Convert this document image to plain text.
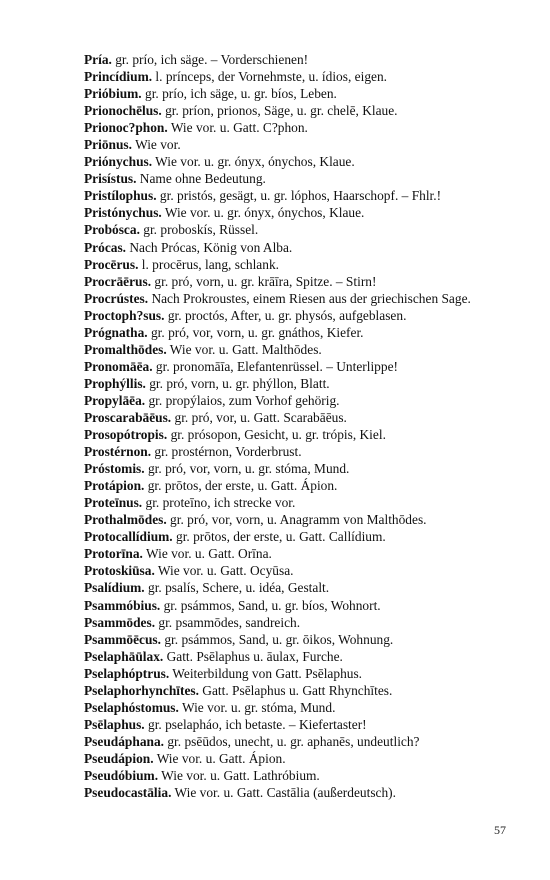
Pría. gr. prío, ich säge. – Vorderschienen!
Princídium. l. prínceps, der Vornehmste, u. ídios, eigen.
Prióbium. gr. prío, ich säge, u. gr. bíos, Leben.
Prionochēlus. gr. príon, prionos, Säge, u. gr. chelē, Klaue.
Prionoc?phon. Wie vor. u. Gatt. C?phon.
Priōnus. Wie vor.
Priónychus. Wie vor. u. gr. ónyx, ónychos, Klaue.
Prisístus. Name ohne Bedeutung.
Pristílophus. gr. pristós, gesägt, u. gr. lóphos, Haarschopf. – Fhlr.!
Pristónychus. Wie vor. u. gr. ónyx, ónychos, Klaue.
Probósca. gr. proboskís, Rüssel.
Prócas. Nach Prócas, König von Alba.
Procērus. l. procērus, lang, schlank.
Procrāērus. gr. pró, vorn, u. gr. krāīra, Spitze. – Stirn!
Procrústes. Nach Prokroustes, einem Riesen aus der griechischen Sage.
Proctoph?sus. gr. proctós, After, u. gr. physós, aufgeblasen.
Prógnatha. gr. pró, vor, vorn, u. gr. gnáthos, Kiefer.
Promalthōdes. Wie vor. u. Gatt. Malthōdes.
Pronomāēa. gr. pronomāīa, Elefantenrüssel. – Unterlippe!
Prophýllis. gr. pró, vorn, u. gr. phýllon, Blatt.
Propylāēa. gr. propýlaios, zum Vorhof gehörig.
Proscarabāēus. gr. pró, vor, u. Gatt. Scarabāēus.
Prosopótropis. gr. prósopon, Gesicht, u. gr. trópis, Kiel.
Prostérnon. gr. prostérnon, Vorderbrust.
Próstomis. gr. pró, vor, vorn, u. gr. stóma, Mund.
Protápion. gr. prōtos, der erste, u. Gatt. Ápion.
Proteīnus. gr. proteīno, ich strecke vor.
Prothalmōdes. gr. pró, vor, vorn, u. Anagramm von Malthōdes.
Protocallídium. gr. prōtos, der erste, u. Gatt. Callídium.
Protorīna. Wie vor. u. Gatt. Orīna.
Protoskiūsa. Wie vor. u. Gatt. Ocyūsa.
Psalídium. gr. psalís, Schere, u. idéa, Gestalt.
Psammóbius. gr. psámmos, Sand, u. gr. bíos, Wohnort.
Psammōdes. gr. psammōdes, sandreich.
Psammōēcus. gr. psámmos, Sand, u. gr. ōikos, Wohnung.
Pselaphāūlax. Gatt. Psēlaphus u. āulax, Furche.
Pselaphóptrus. Weiterbildung von Gatt. Psēlaphus.
Pselaphorhynchītes. Gatt. Psēlaphus u. Gatt Rhynchītes.
Pselaphóstomus. Wie vor. u. gr. stóma, Mund.
Psēlaphus. gr. pselapháo, ich betaste. – Kiefertaster!
Pseudáphana. gr. psēūdos, unecht, u. gr. aphanēs, undeutlich?
Pseudápion. Wie vor. u. Gatt. Ápion.
Pseudóbium. Wie vor. u. Gatt. Lathróbium.
Pseudocastālia. Wie vor. u. Gatt. Castālia (außerdeutsch).
57
